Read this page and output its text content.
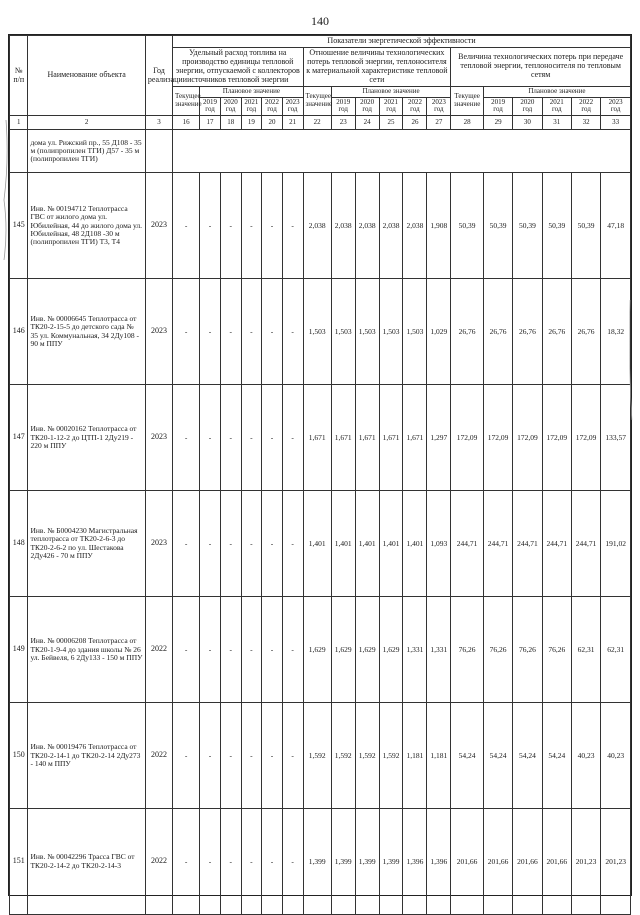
140
№ п/п	Наименование объекта	Год реализации	Показатели энергетической эффективности																	
			Удельный расход топлива на производство единицы тепловой энергии, отпускаемой с коллекторов источников тепловой энергии						Отношение величины технологических потерь тепловой энергии, теплоносителя к материальной характеристике тепловой сети						Величина технологических потерь при передаче тепловой энергии, теплоносителя по тепловым сетям					
			Текущее значение	Плановое значение					Текущее значение	Плановое значение					Текущее значение	Плановое значение				
				2019 год	2020 год	2021 год	2022 год	2023 год		2019 год	2020 год	2021 год	2022 год	2023 год		2019 год	2020 год	2021 год	2022 год	2023 год
1	2	3	16	17	18	19	20	21	22	23	24	25	26	27	28	29	30	31	32	33
	дома ул. Рижский пр., 55 Д108 - 35 м (полипропилен ТГИ) Д57 - 35 м (полипропилен ТГИ)																			
145	Инв. № 00194712 Теплотрасса ГВС от жилого дома ул. Юбилейная, 44 до жилого дома ул. Юбилейная, 48 2Д108 -30 м (полипропилен ТГИ) Т3, Т4	2023	-	-	-	-	-	-	2,038	2,038	2,038	2,038	2,038	1,908	50,39	50,39	50,39	50,39	50,39	47,18
146	Инв. № 00006645 Теплотрасса от ТК20-2-15-5 до детского сада № 35 ул. Коммунальная, 34 2Ду108 - 90 м ППУ	2023	-	-	-	-	-	-	1,503	1,503	1,503	1,503	1,503	1,029	26,76	26,76	26,76	26,76	26,76	18,32
147	Инв. № 00020162 Теплотрасса от ТК20-1-12-2 до ЦТП-1 2Ду219 - 220 м ППУ	2023	-	-	-	-	-	-	1,671	1,671	1,671	1,671	1,671	1,297	172,09	172,09	172,09	172,09	172,09	133,57
148	Инв. № Б0004230 Магистральная теплотрасса от ТК20-2-6-3 до ТК20-2-6-2 по ул. Шестакова 2Ду426 - 70 м ППУ	2023	-	-	-	-	-	-	1,401	1,401	1,401	1,401	1,401	1,093	244,71	244,71	244,71	244,71	244,71	191,02
149	Инв. № 00006208 Теплотрасса от ТК20-1-9-4 до здания школы № 26 ул. Бейвеля, 6 2Ду133 - 150 м ППУ	2022	-	-	-	-	-	-	1,629	1,629	1,629	1,629	1,331	1,331	76,26	76,26	76,26	76,26	62,31	62,31
150	Инв. № 00019476 Теплотрасса от ТК20-2-14-1 до ТК20-2-14 2Ду273 - 140 м ППУ	2022	-	-	-	-	-	-	1,592	1,592	1,592	1,592	1,181	1,181	54,24	54,24	54,24	54,24	40,23	40,23
151	Инв. № 00042296 Трасса ГВС от ТК20-2-14-2 до ТК20-2-14-3	2022	-	-	-	-	-	-	1,399	1,399	1,399	1,399	1,396	1,396	201,66	201,66	201,66	201,66	201,23	201,23
